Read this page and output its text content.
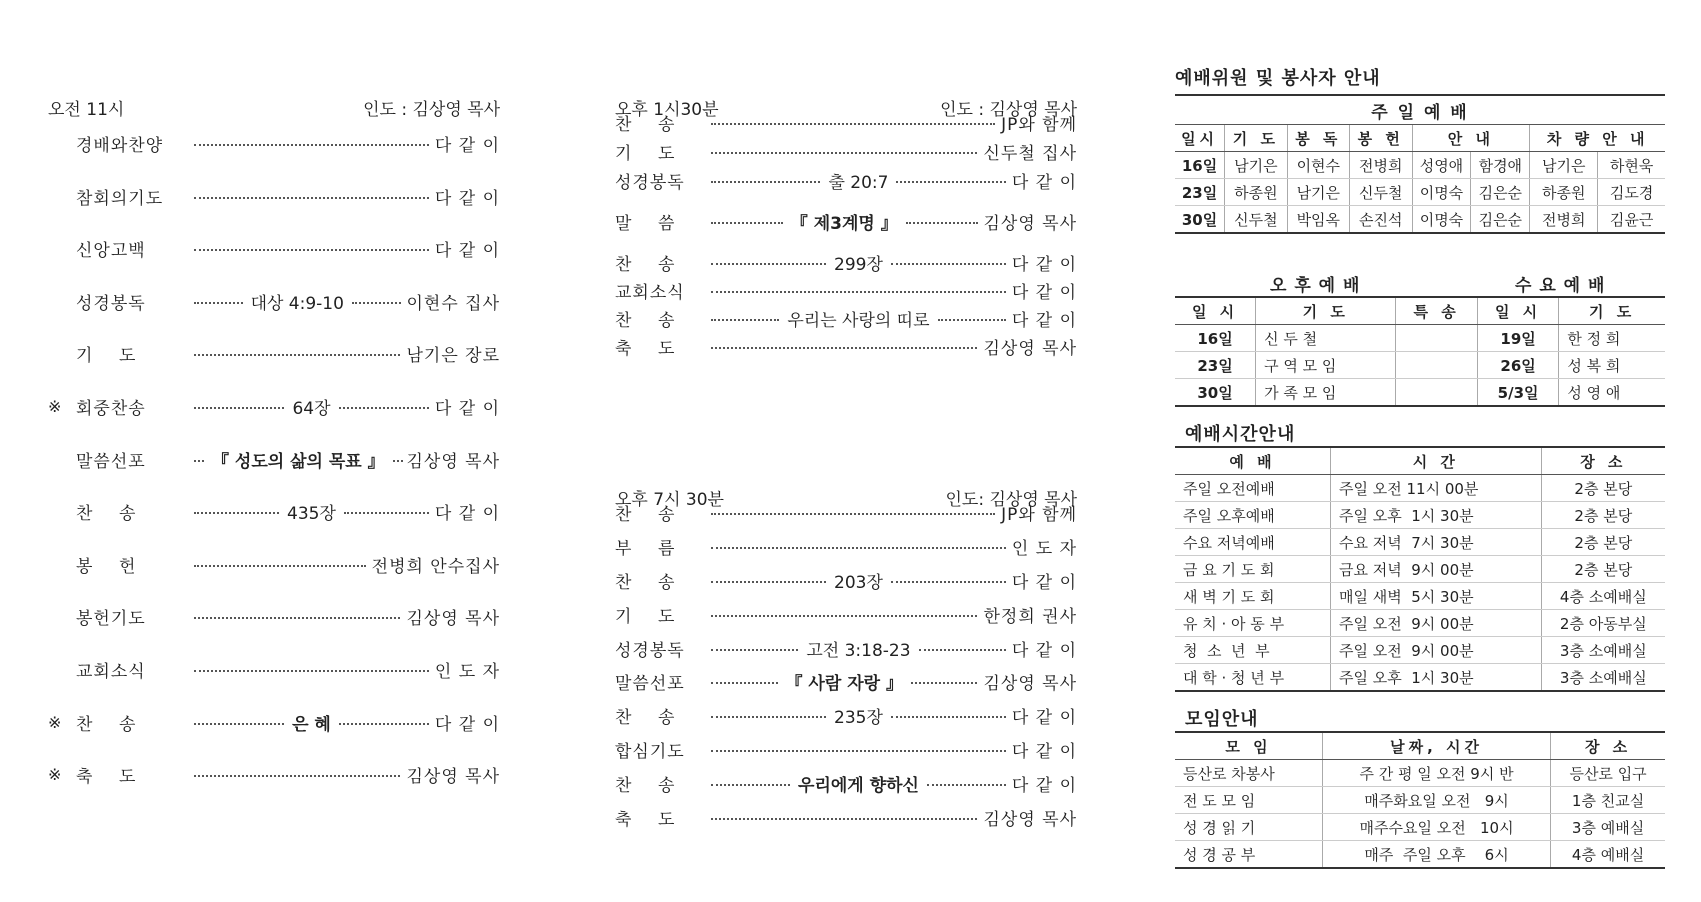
오전 11시	인도 : 김상영 목사
경배와찬양	다 같 이
참회의기도	다 같 이
신앙고백	다 같 이
성경봉독	대상 4:9-10	이현수 집사
기    도	남기은 장로
※ 회중찬송	64장	다 같 이
말씀선포	『 성도의 삶의 목표 』 김상영 목사
찬    송	435장	다 같 이
봉    헌	전병희 안수집사
봉헌기도	김상영 목사
교회소식	인 도 자
※ 찬    송	은 혜	다 같 이
※ 축    도	김상영 목사
오후 1시30분	인도 : 김상영 목사
찬    송	JP와 함께
기    도	신두철 집사
성경봉독	출 20:7	다 같 이
말    씀	『 제3계명 』	김상영 목사
찬    송	299장	다 같 이
교회소식	다 같 이
찬    송	우리는 사랑의 띠로	다 같 이
축    도	김상영 목사
오후 7시 30분	인도: 김상영 목사
찬    송	JP와 함께
부    름	인 도 자
찬    송	203장	다 같 이
기    도	한정희 권사
성경봉독	고전 3:18-23	다 같 이
말씀선포	『 사람 자랑 』	김상영 목사
찬    송	235장	다 같 이
합심기도	다 같 이
찬    송	우리에게 향하신	다 같 이
축    도	김상영 목사
예배위원 및 봉사자 안내
주 일 예 배							
일시	기 도	봉 독	봉 헌	안 내		차 량 안 내	
16일	남기은	이현수	전병희	성영애	함경애	남기은	하현욱
23일	하종원	남기은	신두철	이명숙	김은순	하종원	김도경
30일	신두철	박임옥	손진석	이명숙	김은순	전병희	김윤근
오 후 예 배	수 요 예 배
일 시	기 도	특 송	일 시	기 도
16일	신 두 철		19일	한 정 희
23일	구 역 모 임		26일	성 복 희
30일	가 족 모 임		5/3일	성 영 애
예배시간안내
예 배	시 간	장 소
주일 오전예배	주일 오전 11시 00분	2층 본당
주일 오후예배	주일 오후  1시 30분	2층 본당
수요 저녁예배	수요 저녁  7시 30분	2층 본당
금 요 기 도 회	금요 저녁  9시 00분	2층 본당
새 벽 기 도 회	매일 새벽  5시 30분	4층 소예배실
유 치 · 아 동 부	주일 오전  9시 00분	2층 아동부실
청  소  년  부	주일 오전  9시 00분	3층 소예배실
대 학 · 청 년 부	주일 오후  1시 30분	3층 소예배실
모임안내
모 임	날짜, 시간	장 소
등산로 차봉사	주 간 평 일 오전 9시 반	등산로 입구
전 도 모 임	매주화요일 오전   9시	1층 친교실
성 경 읽 기	매주수요일 오전   10시	3층 예배실
성 경 공 부	매주  주일 오후    6시	4층 예배실
